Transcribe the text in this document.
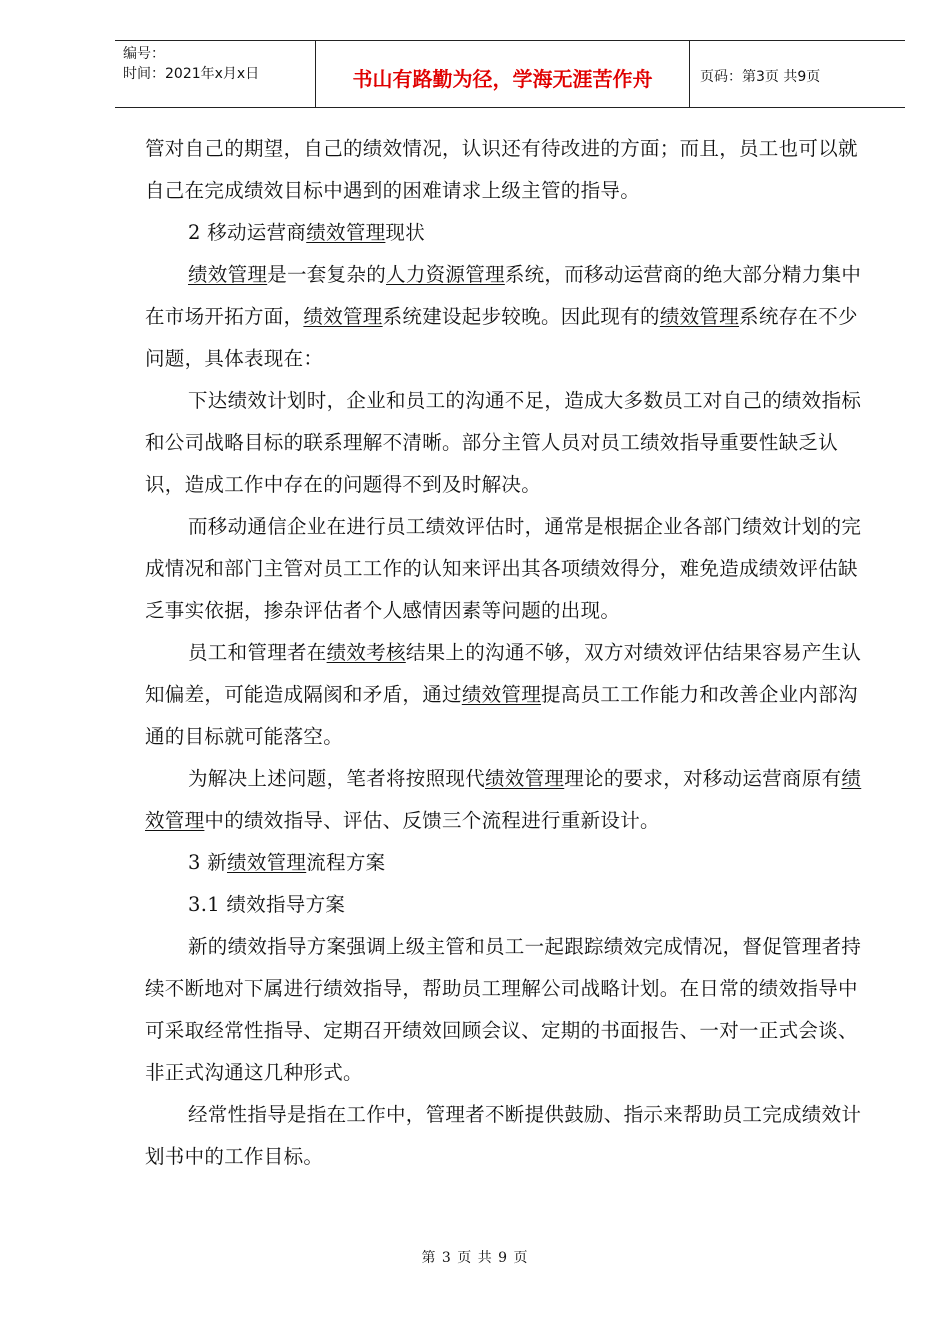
编号：
时间：2021年x月x日	书山有路勤为径，学海无涯苦作舟	页码：第3页 共9页

管对自己的期望，自己的绩效情况，认识还有待改进的方面；而且，员工也可以就自己在完成绩效目标中遇到的困难请求上级主管的指导。

2 移动运营商绩效管理现状

绩效管理是一套复杂的人力资源管理系统，而移动运营商的绝大部分精力集中在市场开拓方面，绩效管理系统建设起步较晚。因此现有的绩效管理系统存在不少问题，具体表现在：

下达绩效计划时，企业和员工的沟通不足，造成大多数员工对自己的绩效指标和公司战略目标的联系理解不清晰。部分主管人员对员工绩效指导重要性缺乏认识，造成工作中存在的问题得不到及时解决。

而移动通信企业在进行员工绩效评估时，通常是根据企业各部门绩效计划的完成情况和部门主管对员工工作的认知来评出其各项绩效得分，难免造成绩效评估缺乏事实依据，掺杂评估者个人感情因素等问题的出现。

员工和管理者在绩效考核结果上的沟通不够，双方对绩效评估结果容易产生认知偏差，可能造成隔阂和矛盾，通过绩效管理提高员工工作能力和改善企业内部沟通的目标就可能落空。

为解决上述问题，笔者将按照现代绩效管理理论的要求，对移动运营商原有绩效管理中的绩效指导、评估、反馈三个流程进行重新设计。

3 新绩效管理流程方案

3.1 绩效指导方案

新的绩效指导方案强调上级主管和员工一起跟踪绩效完成情况，督促管理者持续不断地对下属进行绩效指导，帮助员工理解公司战略计划。在日常的绩效指导中可采取经常性指导、定期召开绩效回顾会议、定期的书面报告、一对一正式会谈、非正式沟通这几种形式。

经常性指导是指在工作中，管理者不断提供鼓励、指示来帮助员工完成绩效计划书中的工作目标。

第 3 页 共 9 页
